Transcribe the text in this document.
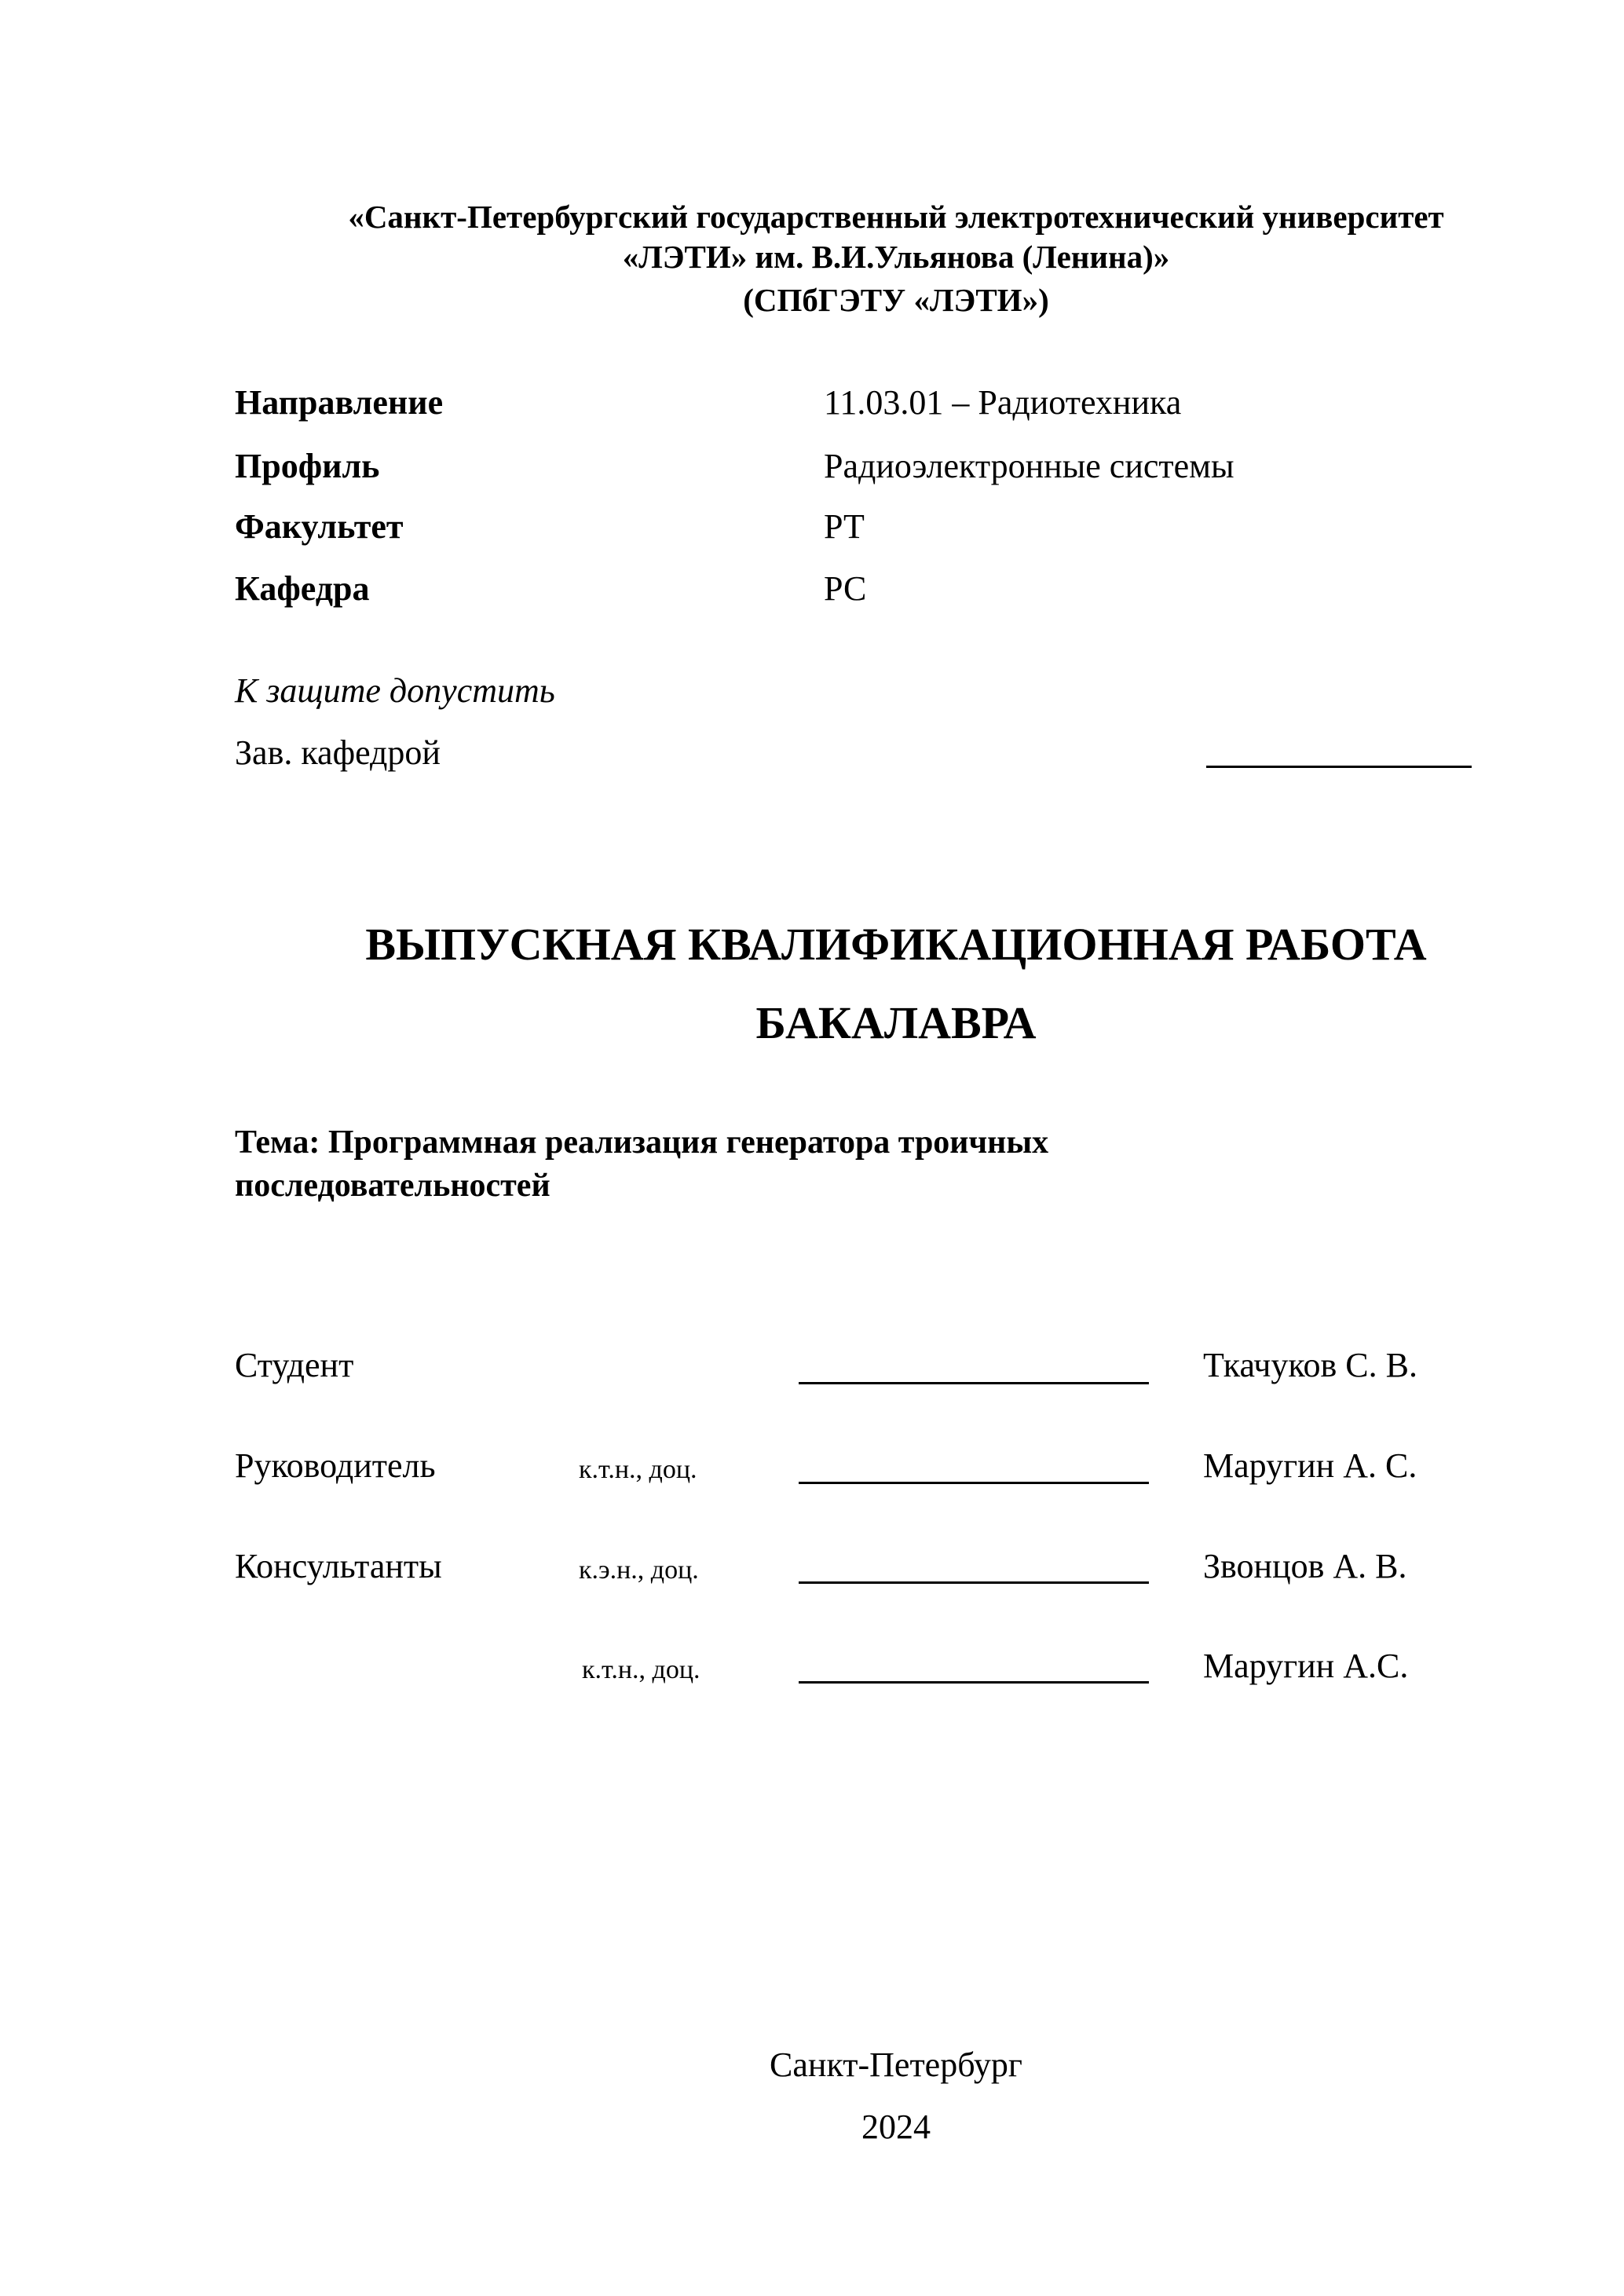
«Санкт-Петербургский государственный электротехнический университет
«ЛЭТИ» им. В.И.Ульянова (Ленина)»
(СПбГЭТУ «ЛЭТИ»)
Направление	11.03.01 – Радиотехника
Профиль	Радиоэлектронные системы
Факультет	РТ
Кафедра	РС
К защите допустить
Зав. кафедрой
ВЫПУСКНАЯ КВАЛИФИКАЦИОННАЯ РАБОТА
БАКАЛАВРА
Тема: Программная реализация генератора троичных
последовательностей
Студент	Ткачуков С. В.
Руководитель	к.т.н., доц.	Маругин А. С.
Консультанты	к.э.н., доц.	Звонцов А. В.
к.т.н., доц.	Маругин А.С.
Санкт-Петербург
2024
